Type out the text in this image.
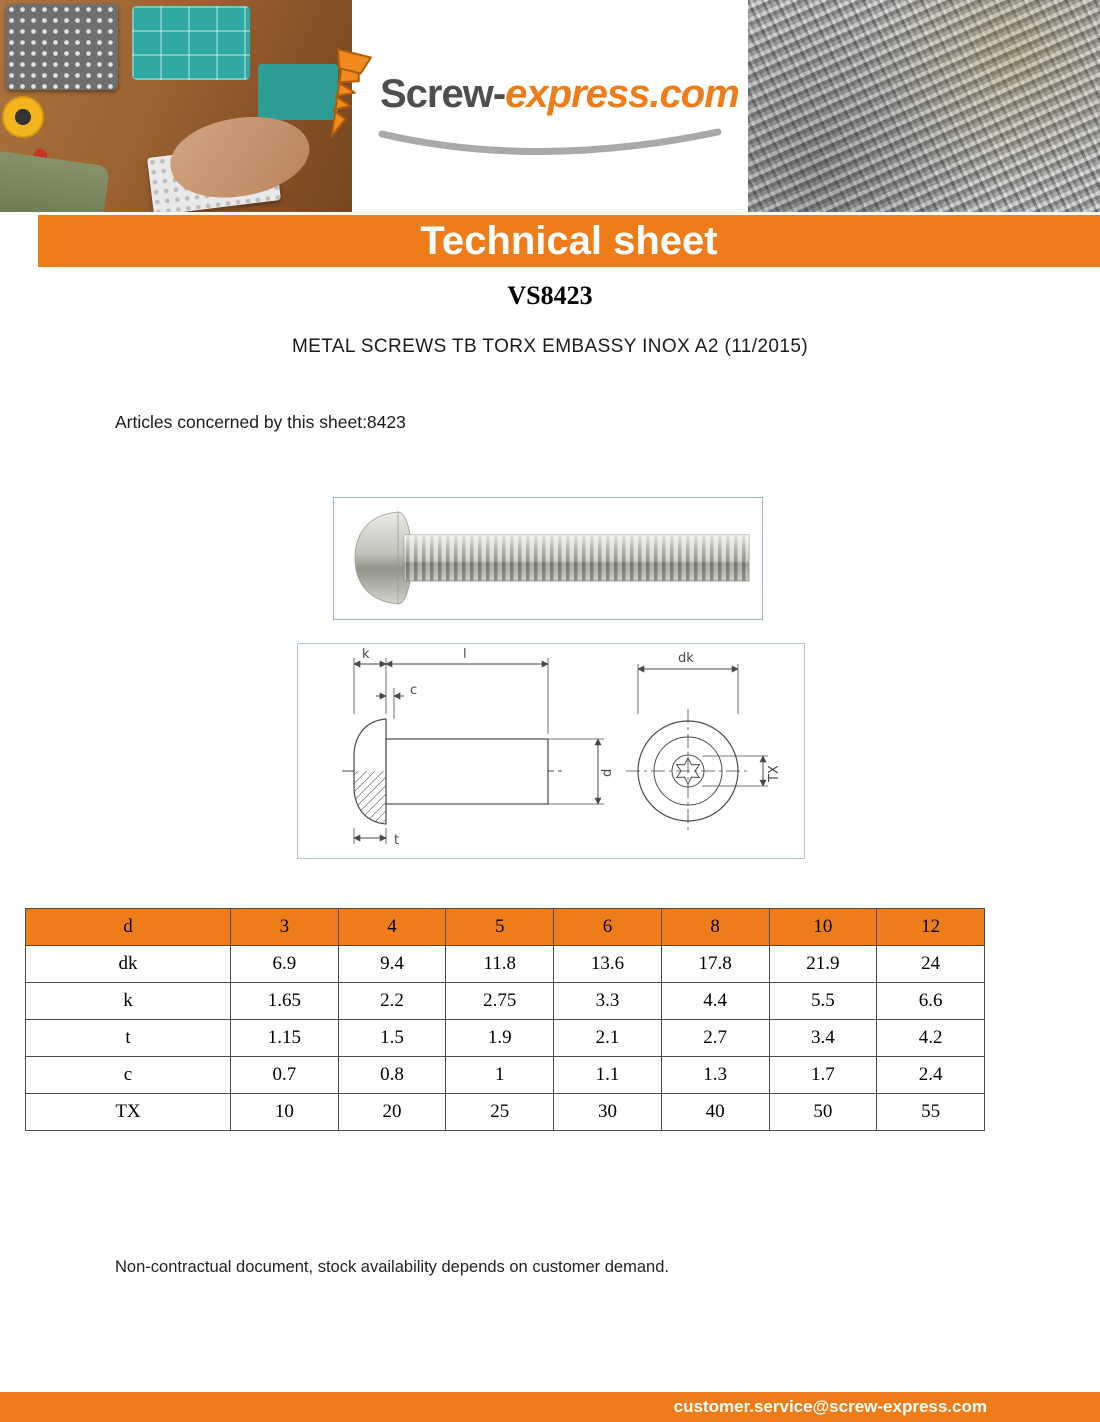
Screw-express.com
Technical sheet
VS8423
METAL SCREWS TB TORX EMBASSY INOX A2 (11/2015)
Articles concerned by this sheet:8423
k	l
c
d
t
dk
TX
d	3	4	5	6	8	10	12
dk	6.9	9.4	11.8	13.6	17.8	21.9	24
k	1.65	2.2	2.75	3.3	4.4	5.5	6.6
t	1.15	1.5	1.9	2.1	2.7	3.4	4.2
c	0.7	0.8	1	1.1	1.3	1.7	2.4
TX	10	20	25	30	40	50	55
Non-contractual document, stock availability depends on customer demand.
customer.service@screw-express.com
